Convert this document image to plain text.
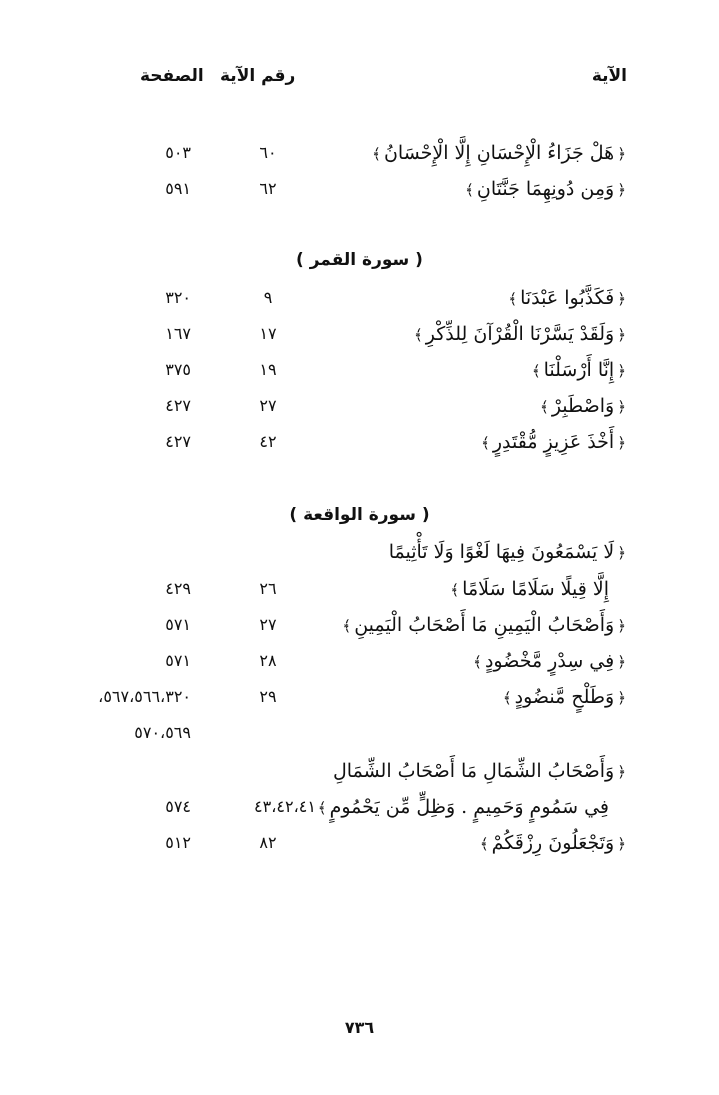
الآية
رقم الآية
الصفحة
﴿هَلْ جَزَاءُ الْإِحْسَانِ إِلَّا الْإِحْسَانُ﴾
٦٠
٥٠٣
﴿وَمِن دُونِهِمَا جَنَّتَانِ﴾
٦٢
٥٩١
( سورة القمر )
﴿فَكَذَّبُوا عَبْدَنَا﴾
٩
٣٢٠
﴿وَلَقَدْ يَسَّرْنَا الْقُرْآنَ لِلذِّكْرِ﴾
١٧
١٦٧
﴿إِنَّا أَرْسَلْنَا﴾
١٩
٣٧٥
﴿وَاصْطَبِرْ﴾
٢٧
٤٢٧
﴿أَخْذَ عَزِيزٍ مُّقْتَدِرٍ﴾
٤٢
٤٢٧
( سورة الواقعة )
﴿لَا يَسْمَعُونَ فِيهَا لَغْوًا وَلَا تَأْثِيمًا
إِلَّا قِيلًا سَلَامًا سَلَامًا﴾
٢٦
٤٢٩
﴿وَأَصْحَابُ الْيَمِينِ مَا أَصْحَابُ الْيَمِينِ﴾
٢٧
٥٧١
﴿فِي سِدْرٍ مَّخْضُودٍ﴾
٢٨
٥٧١
﴿وَطَلْحٍ مَّنضُودٍ﴾
٢٩
٥٦٧،٥٦٦،٣٢٠،
٥٧٠،٥٦٩
﴿وَأَصْحَابُ الشِّمَالِ مَا أَصْحَابُ الشِّمَالِ
فِي سَمُومٍ وَحَمِيمٍ . وَظِلٍّ مِّن يَحْمُومٍ﴾
٤٣،٤٢،٤١
٥٧٤
﴿وَتَجْعَلُونَ رِزْقَكُمْ﴾
٨٢
٥١٢
٧٣٦
